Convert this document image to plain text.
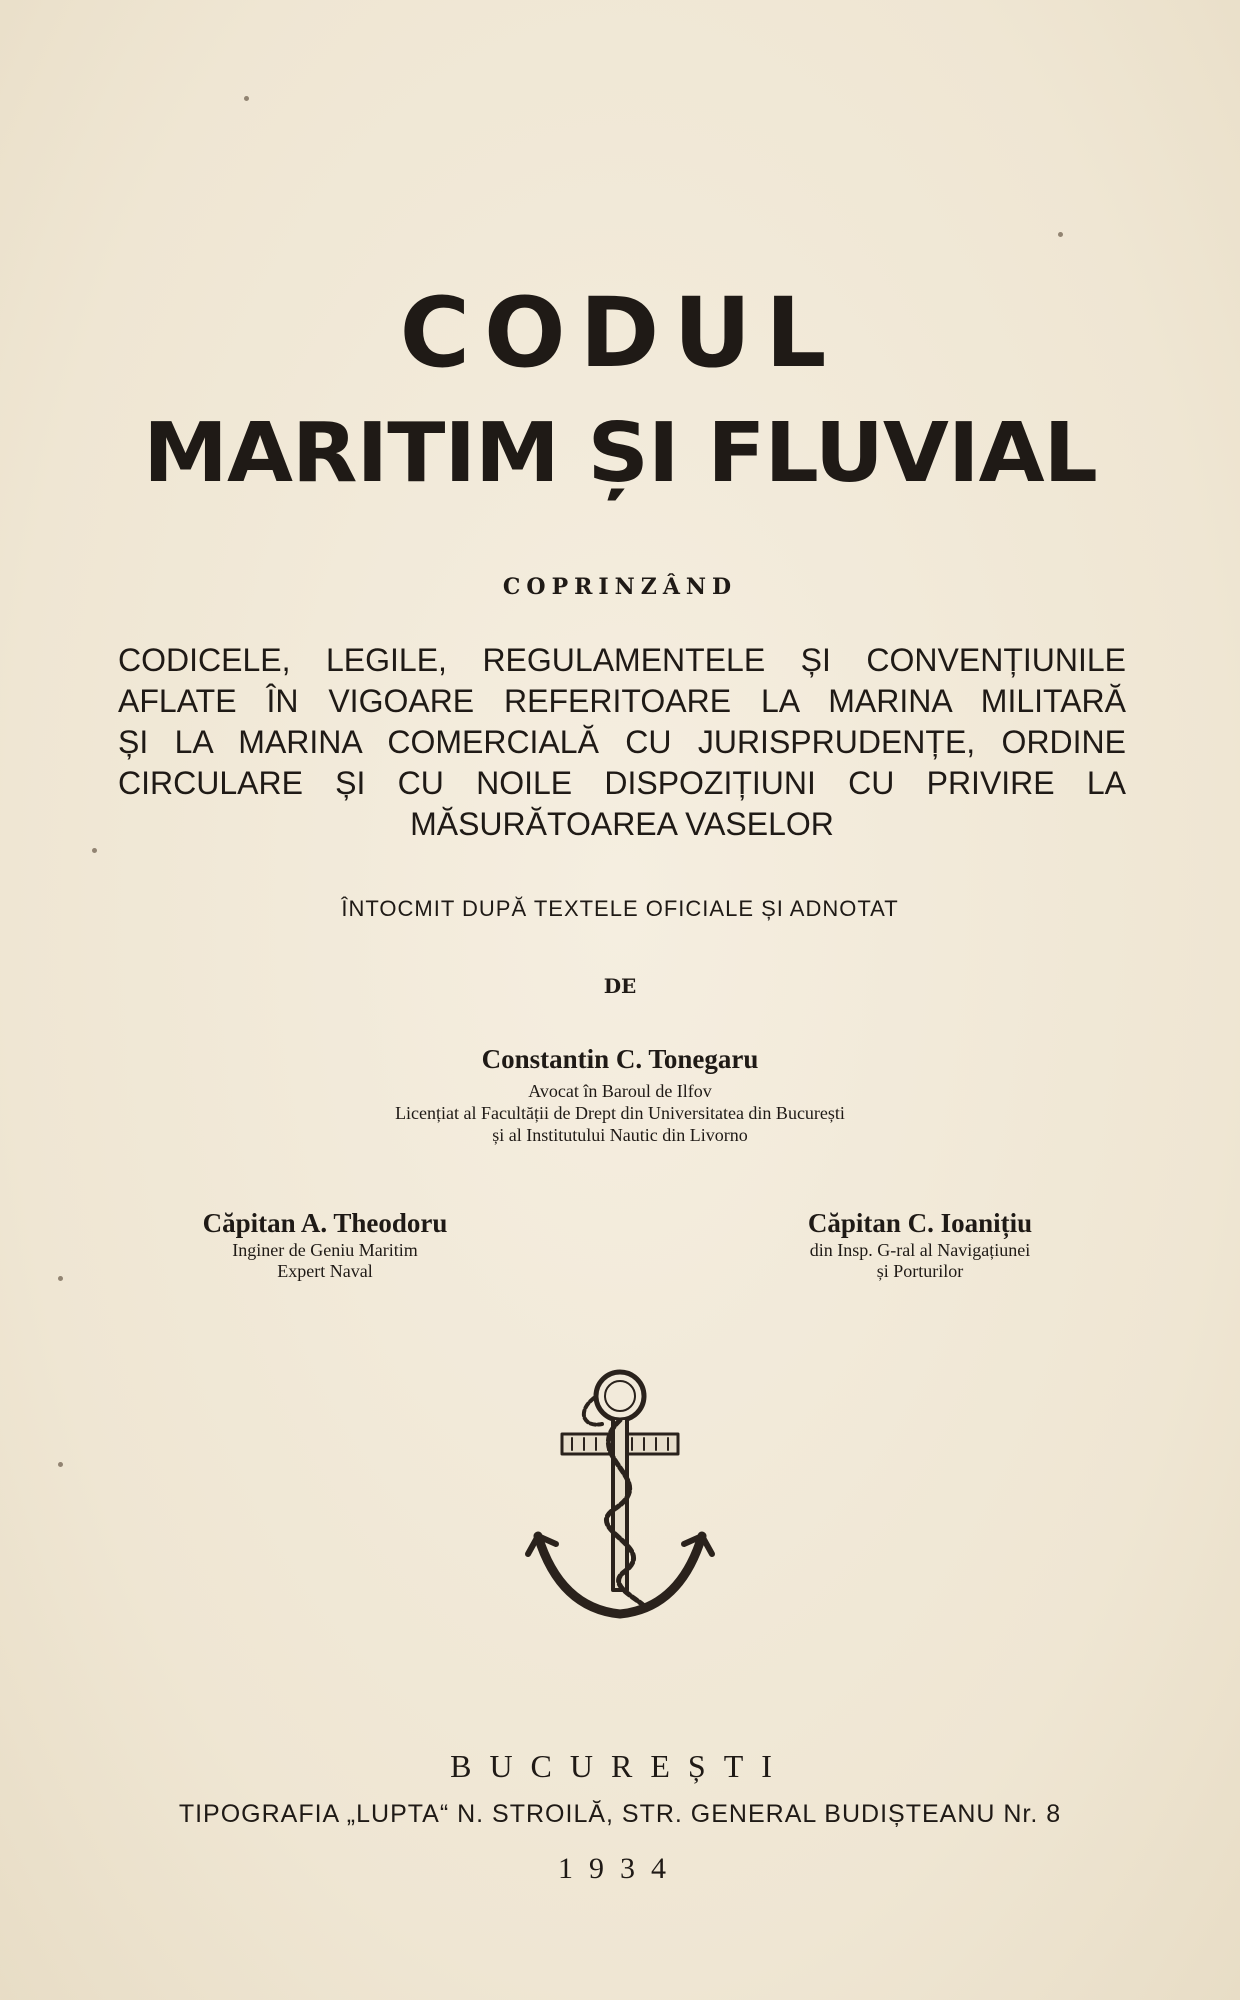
CODUL
MARITIM ȘI FLUVIAL
COPRINZÂND
CODICELE, LEGILE, REGULAMENTELE ȘI CONVENȚIUNILE
AFLATE ÎN VIGOARE REFERITOARE LA MARINA MILITARĂ
ȘI LA MARINA COMERCIALĂ CU JURISPRUDENȚE, ORDINE
CIRCULARE ȘI CU NOILE DISPOZIȚIUNI CU PRIVIRE LA
MĂSURĂTOAREA VASELOR
ÎNTOCMIT DUPĂ TEXTELE OFICIALE ȘI ADNOTAT
DE
Constantin C. Tonegaru
Avocat în Baroul de Ilfov
Licențiat al Facultății de Drept din Universitatea din București
și al Institutului Nautic din Livorno
Căpitan A. Theodoru
Inginer de Geniu Maritim
Expert Naval
Căpitan C. Ioanițiu
din Insp. G-ral al Navigațiunei
și Porturilor
BUCUREȘTI
TIPOGRAFIA „LUPTA“ N. STROILĂ, STR. GENERAL BUDIȘTEANU Nr. 8
1934
